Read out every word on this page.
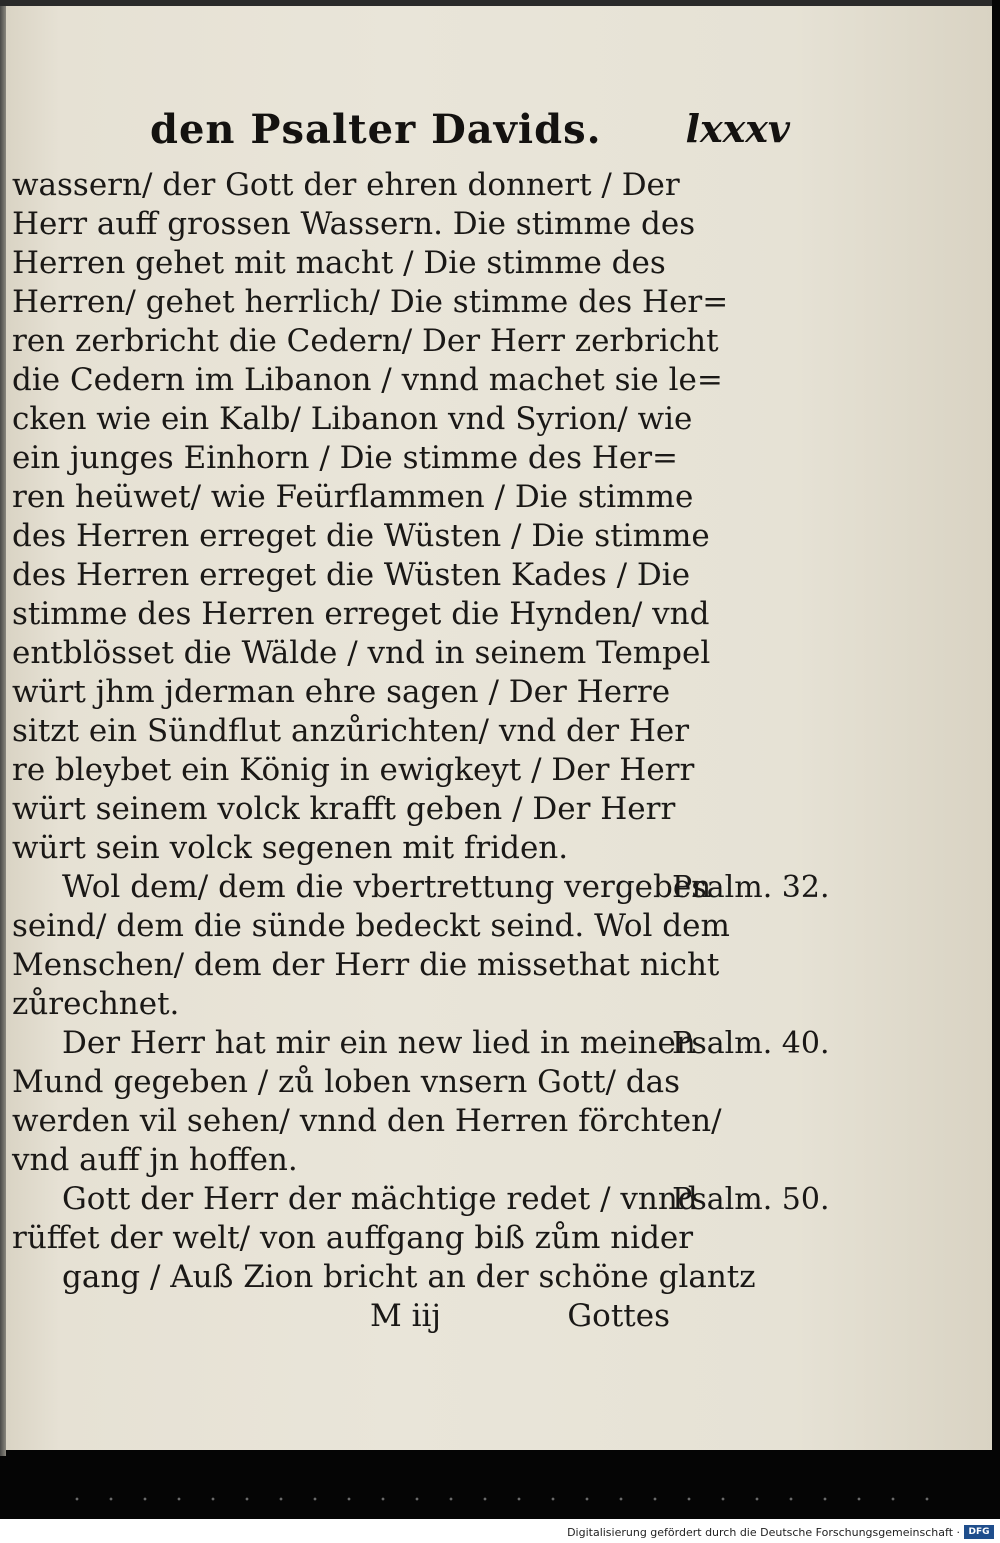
den Psalter Davids. lxxxv
wassern/ der Gott der ehren donnert / Der
Herr auff grossen Wassern. Die stimme des
Herren gehet mit macht / Die stimme des
Herren/ gehet herrlich/ Die stimme des Her=
ren zerbricht die Cedern/ Der Herr zerbricht
die Cedern im Libanon / vnnd machet sie le=
cken wie ein Kalb/ Libanon vnd Syrion/ wie
ein junges Einhorn / Die stimme des Her=
ren heüwet/ wie Feürflammen / Die stimme
des Herren erreget die Wüsten / Die stimme
des Herren erreget die Wüsten Kades / Die
stimme des Herren erreget die Hynden/ vnd
entblösset die Wälde / vnd in seinem Tempel
würt jhm jderman ehre sagen / Der Herre
sitzt ein Sündflut anzůrichten/ vnd der Her
re bleybet ein König in ewigkeyt / Der Herr
würt seinem volck krafft geben / Der Herr
würt sein volck segenen mit friden.
Wol dem/ dem die vbertrettung vergeben
seind/ dem die sünde bedeckt seind. Wol dem
Menschen/ dem der Herr die missethat nicht
zůrechnet.
Der Herr hat mir ein new lied in meinen
Mund gegeben / zů loben vnsern Gott/ das
werden vil sehen/ vnnd den Herren förchten/
vnd auff jn hoffen.
Gott der Herr der mächtige redet / vnnd
rüffet der welt/ von auffgang biß zům nider
gang / Auß Zion bricht an der schöne glantz
Psalm. 32.
Psalm. 40.
Psalm. 50.
M iij	Gottes
Digitalisierung gefördert durch die Deutsche Forschungsgemeinschaft · DFG
